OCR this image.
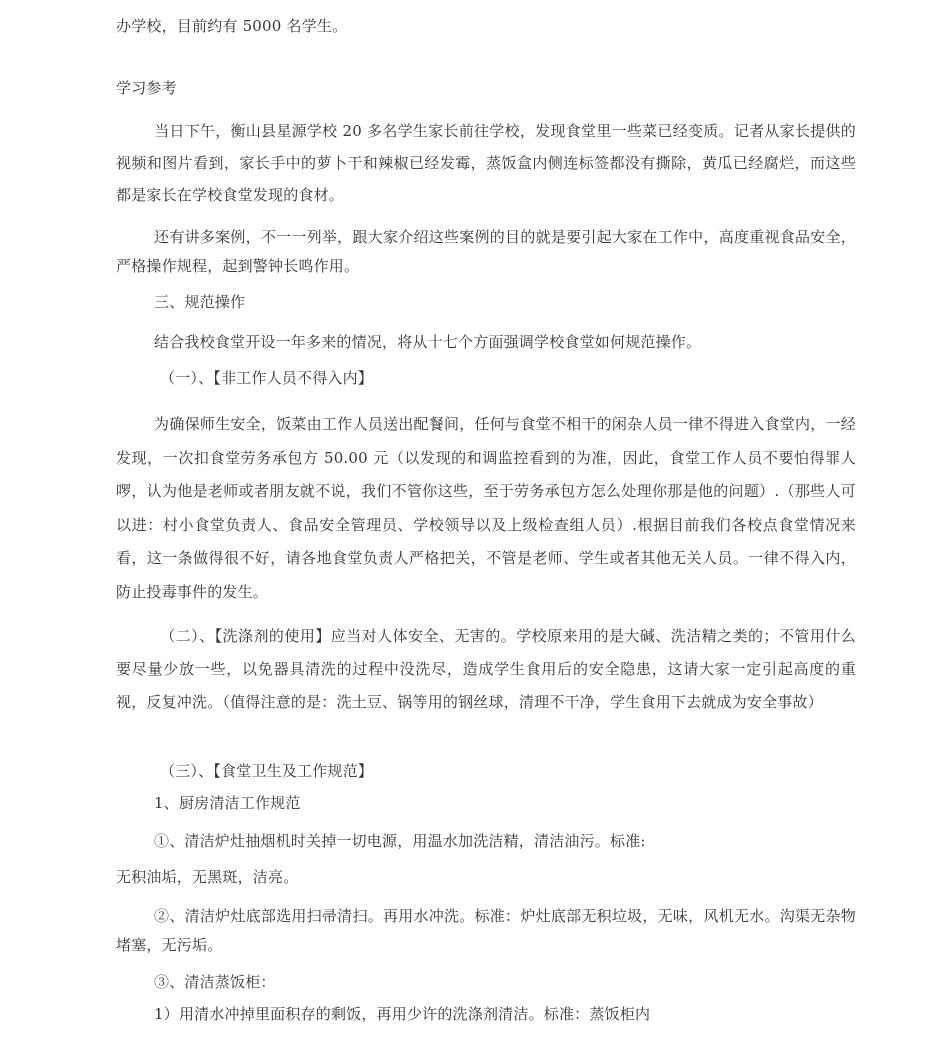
办学校，目前约有 5000 名学生。
学习参考
当日下午，衡山县星源学校 20 多名学生家长前往学校，发现食堂里一些菜已经变质。记者从家长提供的视频和图片看到，家长手中的萝卜干和辣椒已经发霉，蒸饭盒内侧连标签都没有撕除，黄瓜已经腐烂，而这些都是家长在学校食堂发现的食材。
还有讲多案例，不一一列举，跟大家介绍这些案例的目的就是要引起大家在工作中，高度重视食品安全，严格操作规程，起到警钟长鸣作用。
三、规范操作
结合我校食堂开设一年多来的情况，将从十七个方面强调学校食堂如何规范操作。
（一）、【非工作人员不得入内】
为确保师生安全，饭菜由工作人员送出配餐间，任何与食堂不相干的闲杂人员一律不得进入食堂内，一经发现，一次扣食堂劳务承包方 50.00 元（以发现的和调监控看到的为准，因此，食堂工作人员不要怕得罪人啰，认为他是老师或者朋友就不说，我们不管你这些，至于劳务承包方怎么处理你那是他的问题）.（那些人可以进：村小食堂负责人、食品安全管理员、学校领导以及上级检查组人员）.根据目前我们各校点食堂情况来看，这一条做得很不好，请各地食堂负责人严格把关，不管是老师、学生或者其他无关人员。一律不得入内，防止投毒事件的发生。
（二）、【洗涤剂的使用】应当对人体安全、无害的。学校原来用的是大碱、洗洁精之类的；不管用什么要尽量少放一些，以免器具清洗的过程中没洗尽，造成学生食用后的安全隐患，这请大家一定引起高度的重视，反复冲洗。（值得注意的是：洗土豆、锅等用的钢丝球，清理不干净，学生食用下去就成为安全事故）
（三）、【食堂卫生及工作规范】
1、厨房清洁工作规范
①、清洁炉灶抽烟机时关掉一切电源，用温水加洗洁精，清洁油污。标准:
无积油垢，无黑斑，洁亮。
②、清洁炉灶底部选用扫帚清扫。再用水冲洗。标准：炉灶底部无积垃圾，无味，风机无水。沟渠无杂物堵塞，无污垢。
③、清洁蒸饭柜：
1）用清水冲掉里面积存的剩饭，再用少许的洗涤剂清洁。标准：蒸饭柜内
